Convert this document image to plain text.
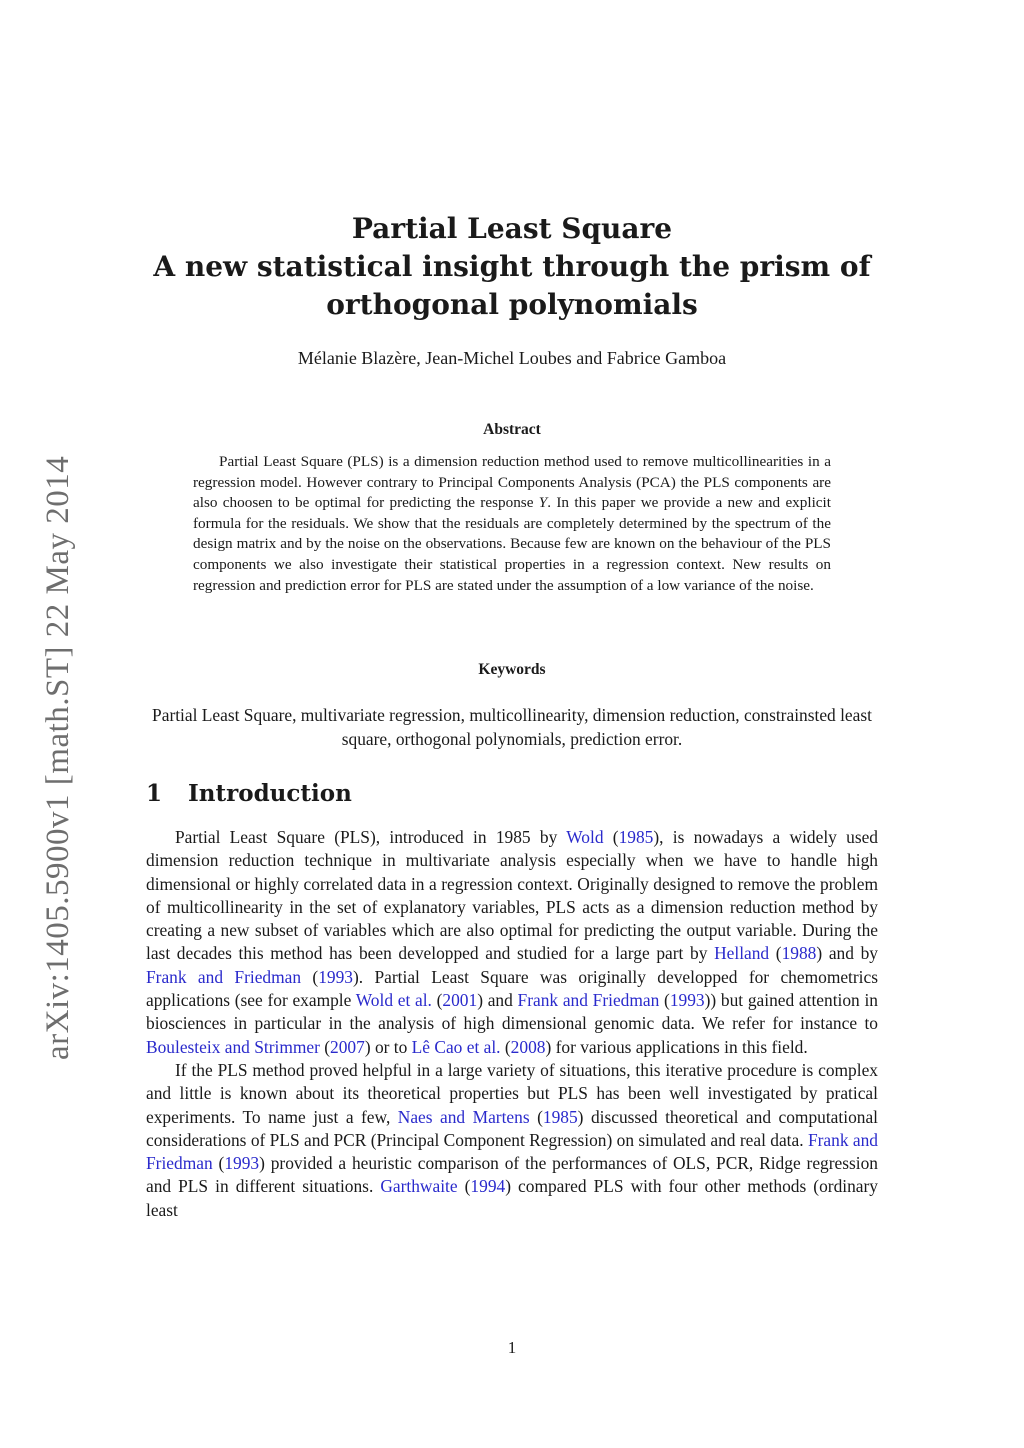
arXiv:1405.5900v1 [math.ST] 22 May 2014
Partial Least Square
A new statistical insight through the prism of
orthogonal polynomials
Mélanie Blazère, Jean-Michel Loubes and Fabrice Gamboa
Abstract
Partial Least Square (PLS) is a dimension reduction method used to remove multicollinearities in a regression model. However contrary to Principal Components Analysis (PCA) the PLS components are also choosen to be optimal for predicting the response Y. In this paper we provide a new and explicit formula for the residuals. We show that the residuals are completely determined by the spectrum of the design matrix and by the noise on the observations. Because few are known on the behaviour of the PLS components we also investigate their statistical properties in a regression context. New results on regression and prediction error for PLS are stated under the assumption of a low variance of the noise.
Keywords
Partial Least Square, multivariate regression, multicollinearity, dimension reduction, constrainsted least square, orthogonal polynomials, prediction error.
1 Introduction

Partial Least Square (PLS), introduced in 1985 by Wold (1985), is nowadays a widely used dimension reduction technique in multivariate analysis especially when we have to handle high dimensional or highly correlated data in a regression context. Originally designed to remove the problem of multicollinearity in the set of explanatory variables, PLS acts as a dimension reduction method by creating a new subset of variables which are also optimal for predicting the output variable. During the last decades this method has been developped and studied for a large part by Helland (1988) and by Frank and Friedman (1993). Partial Least Square was originally developped for chemometrics applications (see for example Wold et al. (2001) and Frank and Friedman (1993)) but gained attention in biosciences in particular in the analysis of high dimensional genomic data. We refer for instance to Boulesteix and Strimmer (2007) or to Lê Cao et al. (2008) for various applications in this field.

If the PLS method proved helpful in a large variety of situations, this iterative procedure is complex and little is known about its theoretical properties but PLS has been well investigated by pratical experiments. To name just a few, Naes and Martens (1985) discussed theoretical and computational considerations of PLS and PCR (Principal Component Regression) on simulated and real data. Frank and Friedman (1993) provided a heuristic comparison of the performances of OLS, PCR, Ridge regression and PLS in different situations. Garthwaite (1994) compared PLS with four other methods (ordinary least

1
